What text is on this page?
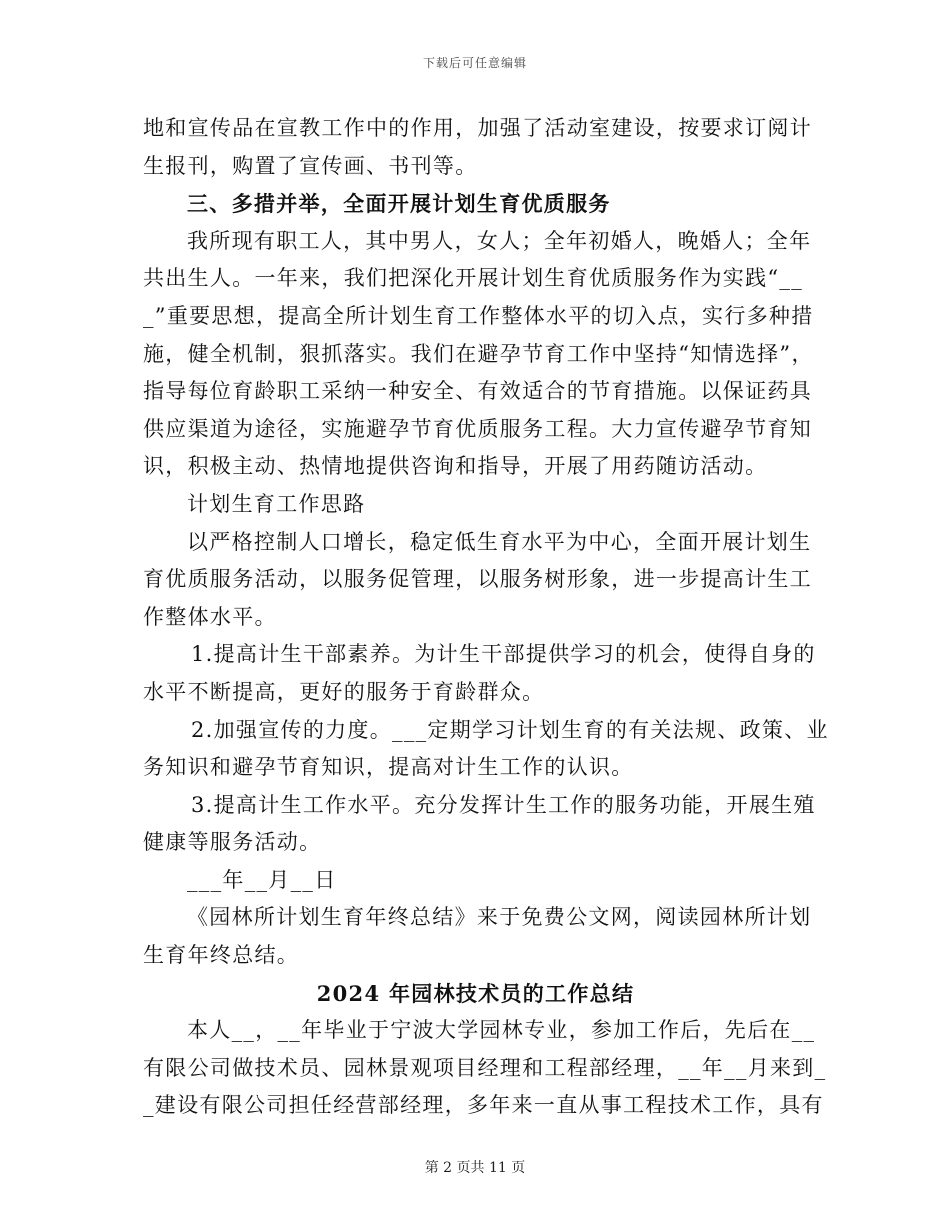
下载后可任意编辑
地和宣传品在宣教工作中的作用，加强了活动室建设，按要求订阅计
生报刊，购置了宣传画、书刊等。
三、多措并举，全面开展计划生育优质服务
我所现有职工人，其中男人，女人；全年初婚人，晚婚人；全年
共出生人。一年来，我们把深化开展计划生育优质服务作为实践“__
_”重要思想，提高全所计划生育工作整体水平的切入点，实行多种措
施，健全机制，狠抓落实。我们在避孕节育工作中坚持“知情选择”，
指导每位育龄职工采纳一种安全、有效适合的节育措施。以保证药具
供应渠道为途径，实施避孕节育优质服务工程。大力宣传避孕节育知
识，积极主动、热情地提供咨询和指导，开展了用药随访活动。
计划生育工作思路
以严格控制人口增长，稳定低生育水平为中心，全面开展计划生
育优质服务活动，以服务促管理，以服务树形象，进一步提高计生工
作整体水平。
1.提高计生干部素养。为计生干部提供学习的机会，使得自身的
水平不断提高，更好的服务于育龄群众。
2.加强宣传的力度。___定期学习计划生育的有关法规、政策、业
务知识和避孕节育知识，提高对计生工作的认识。
3.提高计生工作水平。充分发挥计生工作的服务功能，开展生殖
健康等服务活动。
___年__月__日
《园林所计划生育年终总结》来于免费公文网，阅读园林所计划
生育年终总结。
2024 年园林技术员的工作总结
本人__，__年毕业于宁波大学园林专业，参加工作后，先后在__
有限公司做技术员、园林景观项目经理和工程部经理，__年__月来到_
_建设有限公司担任经营部经理，多年来一直从事工程技术工作，具有
第 2 页共 11 页
